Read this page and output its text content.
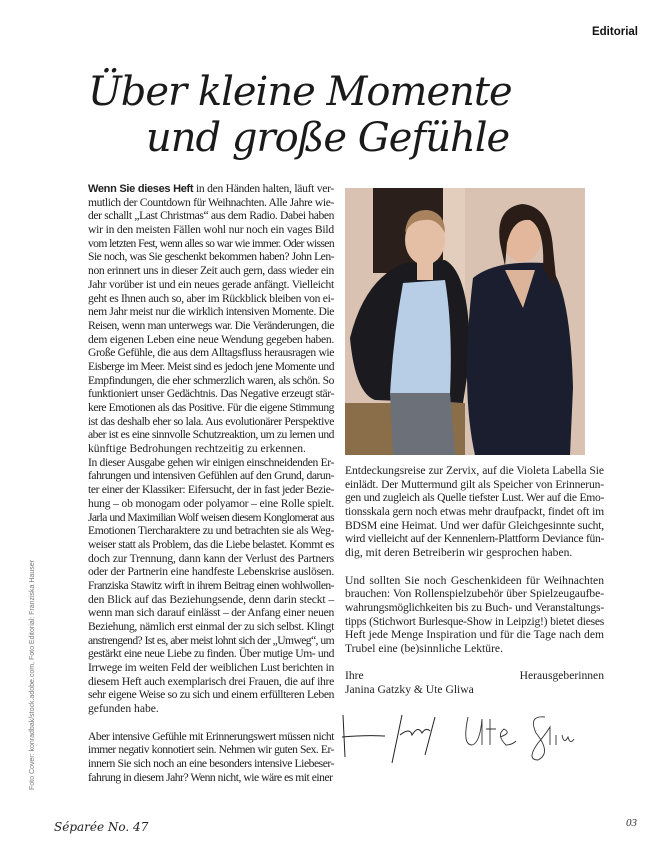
Editorial
Über kleine Momente
und große Gefühle
Wenn Sie dieses Heft in den Händen halten, läuft ver-
mutlich der Countdown für Weihnachten. Alle Jahre wie-
der schallt „Last Christmas“ aus dem Radio. Dabei haben
wir in den meisten Fällen wohl nur noch ein vages Bild
vom letzten Fest, wenn alles so war wie immer. Oder wissen
Sie noch, was Sie geschenkt bekommen haben? John Len-
non erinnert uns in dieser Zeit auch gern, dass wieder ein
Jahr vorüber ist und ein neues gerade anfängt. Vielleicht
geht es Ihnen auch so, aber im Rückblick bleiben von ei-
nem Jahr meist nur die wirklich intensiven Momente. Die
Reisen, wenn man unterwegs war. Die Veränderungen, die
dem eigenen Leben eine neue Wendung gegeben haben.
Große Gefühle, die aus dem Alltagsfluss herausragen wie
Eisberge im Meer. Meist sind es jedoch jene Momente und
Empfindungen, die eher schmerzlich waren, als schön. So
funktioniert unser Gedächtnis. Das Negative erzeugt stär-
kere Emotionen als das Positive. Für die eigene Stimmung
ist das deshalb eher so lala. Aus evolutionärer Perspektive
aber ist es eine sinnvolle Schutzreaktion, um zu lernen und
künftige Bedrohungen rechtzeitig zu erkennen.
In dieser Ausgabe gehen wir einigen einschneidenden Er-
fahrungen und intensiven Gefühlen auf den Grund, darun-
ter einer der Klassiker: Eifersucht, der in fast jeder Bezie-
hung – ob monogam oder polyamor – eine Rolle spielt.
Jarla und Maximilian Wolf weisen diesem Konglomerat aus
Emotionen Tiercharaktere zu und betrachten sie als Weg-
weiser statt als Problem, das die Liebe belastet. Kommt es
doch zur Trennung, dann kann der Verlust des Partners
oder der Partnerin eine handfeste Lebenskrise auslösen.
Franziska Stawitz wirft in ihrem Beitrag einen wohlwollen-
den Blick auf das Beziehungsende, denn darin steckt –
wenn man sich darauf einlässt – der Anfang einer neuen
Beziehung, nämlich erst einmal der zu sich selbst. Klingt
anstrengend? Ist es, aber meist lohnt sich der „Umweg“, um
gestärkt eine neue Liebe zu finden. Über mutige Um- und
Irrwege im weiten Feld der weiblichen Lust berichten in
diesem Heft auch exemplarisch drei Frauen, die auf ihre
sehr eigene Weise so zu sich und einem erfüllteren Leben
gefunden habe.
Aber intensive Gefühle mit Erinnerungswert müssen nicht
immer negativ konnotiert sein. Nehmen wir guten Sex. Er-
innern Sie sich noch an eine besonders intensive Liebeser-
fahrung in diesem Jahr? Wenn nicht, wie wäre es mit einer
Entdeckungsreise zur Zervix, auf die Violeta Labella Sie
einlädt. Der Muttermund gilt als Speicher von Erinnerun-
gen und zugleich als Quelle tiefster Lust. Wer auf die Emo-
tionsskala gern noch etwas mehr draufpackt, findet oft im
BDSM eine Heimat. Und wer dafür Gleichgesinnte sucht,
wird vielleicht auf der Kennenlern-Plattform Deviance fün-
dig, mit deren Betreiberin wir gesprochen haben.
Und sollten Sie noch Geschenkideen für Weihnachten
brauchen: Von Rollenspielzubehör über Spielzeugaufbe-
wahrungsmöglichkeiten bis zu Buch- und Veranstaltungs-
tipps (Stichwort Burlesque-Show in Leipzig!) bietet dieses
Heft jede Menge Inspiration und für die Tage nach dem
Trubel eine (be)sinnliche Lektüre.
Ihre Herausgeberinnen
Janina Gatzky & Ute Gliwa
Foto Cover: konradbak/stock.adobe.com, Foto Editorial: Franziska Hauser
Séparée No. 47	03
